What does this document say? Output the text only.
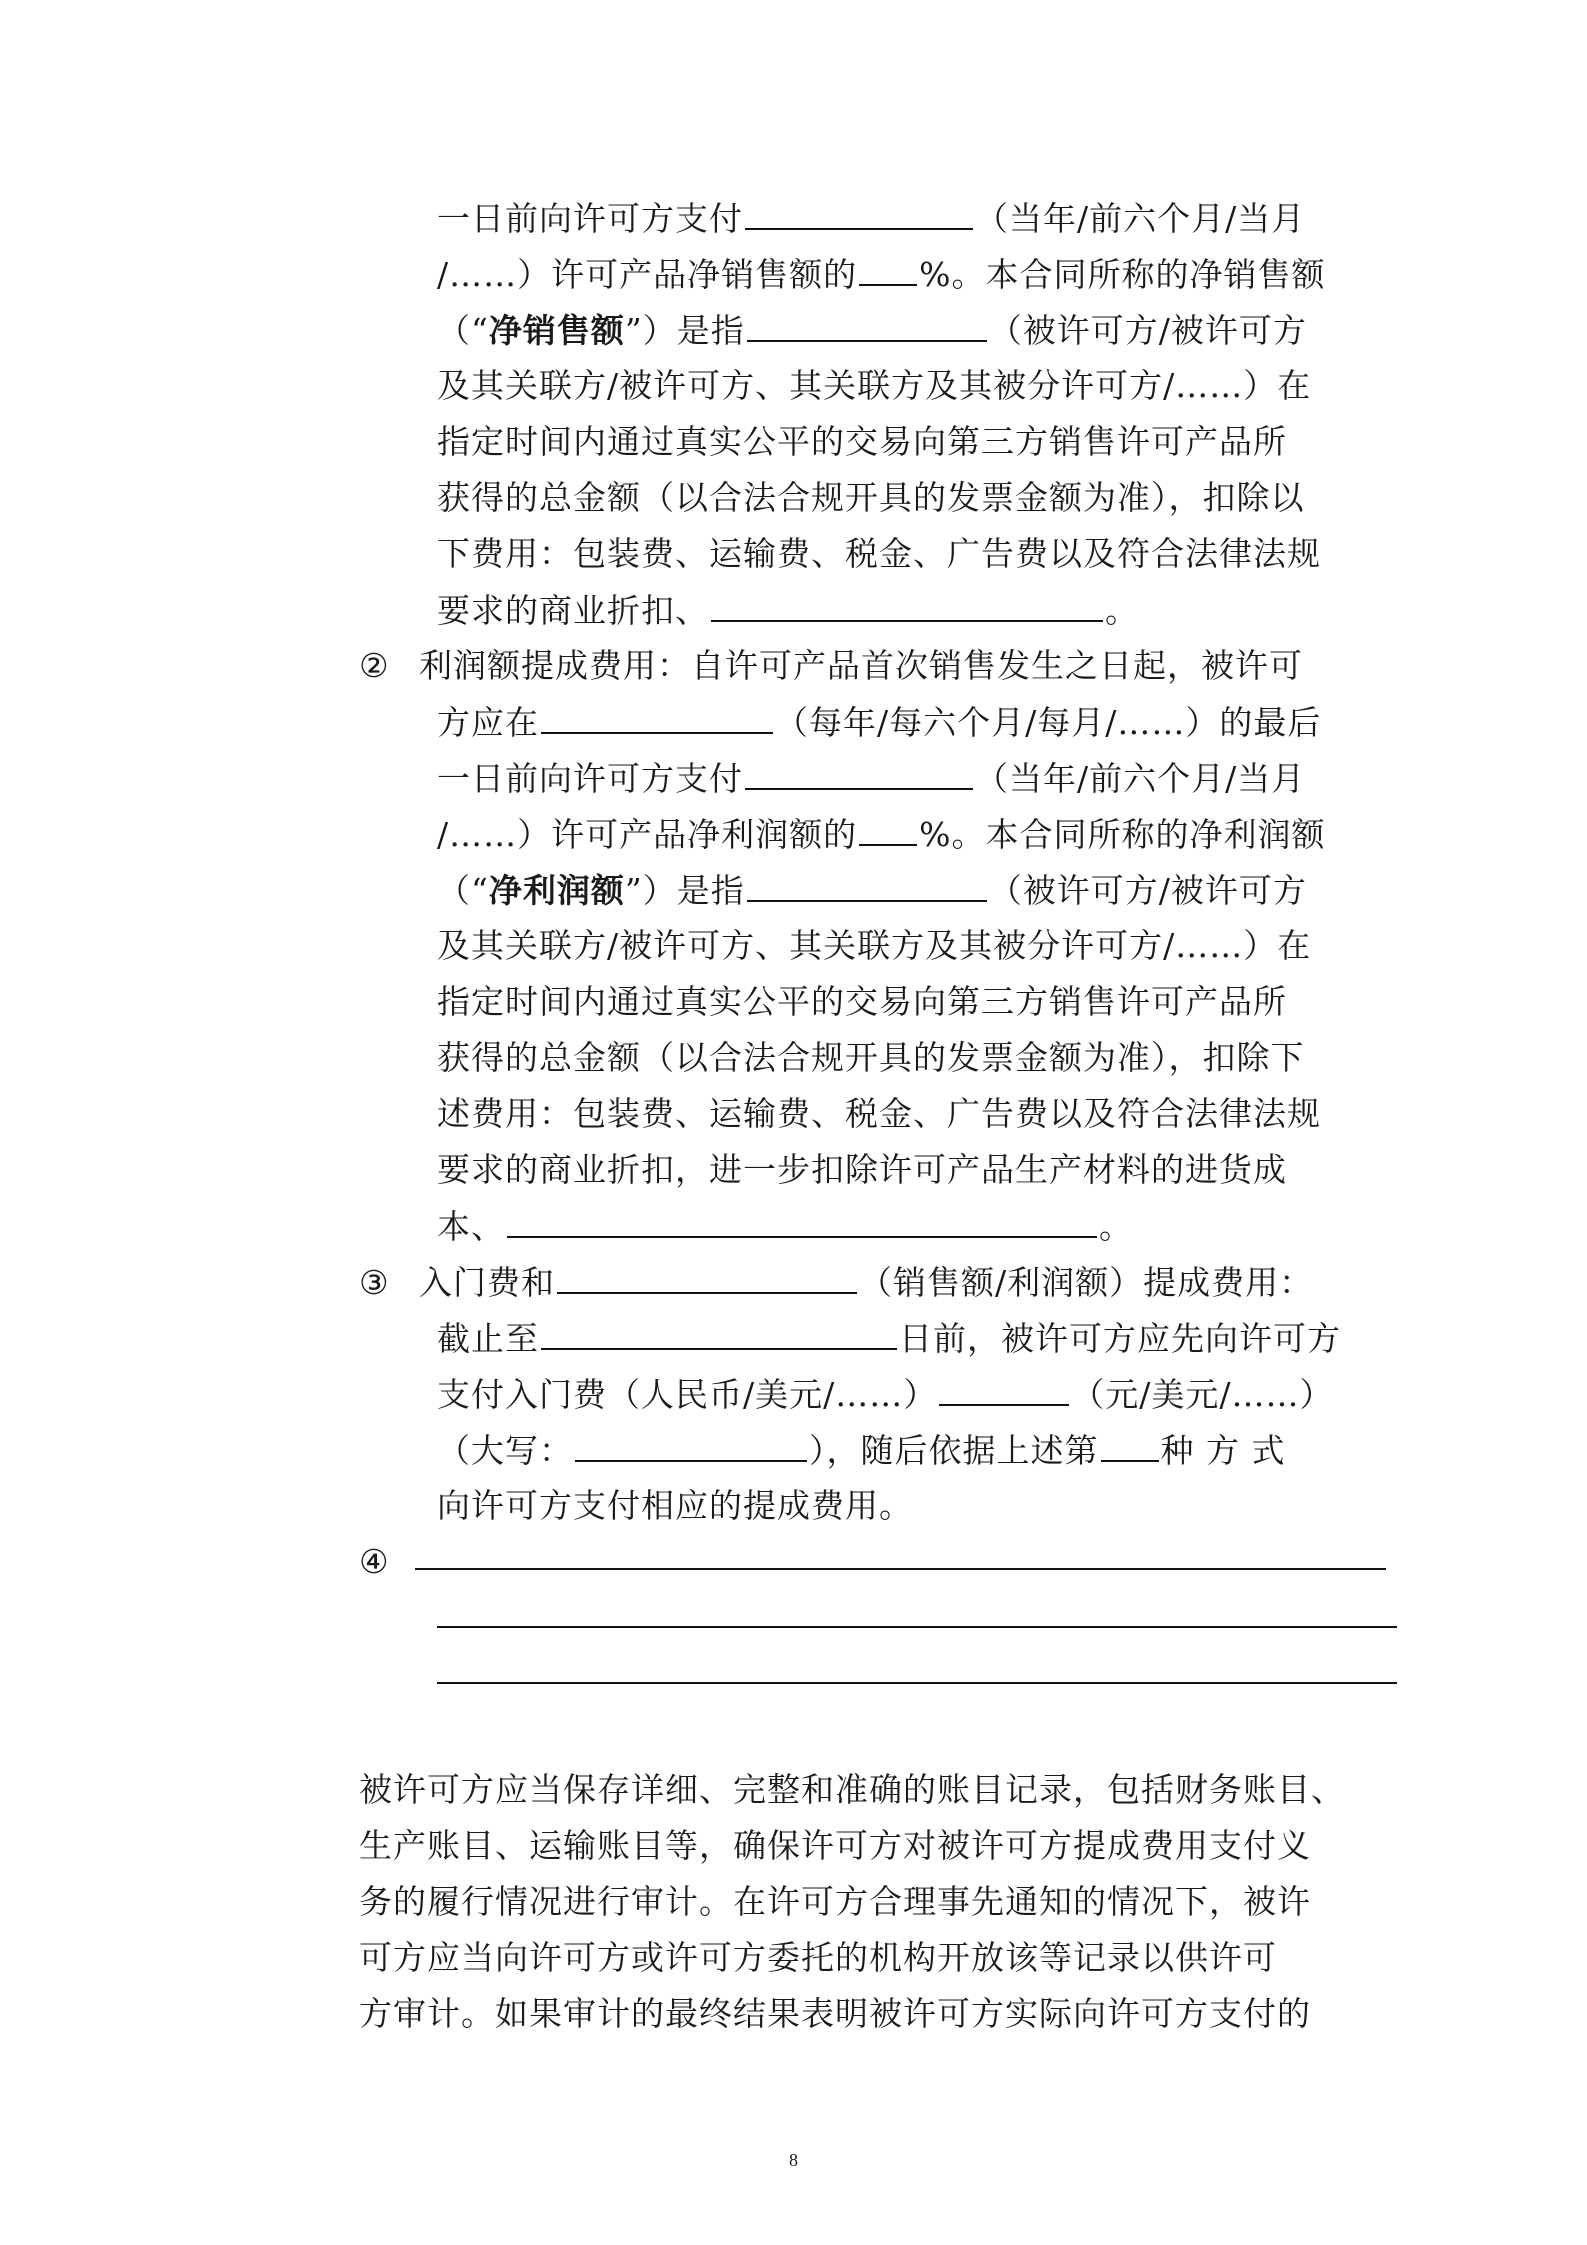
一日前向许可方支付	（当年/前六个月/当月
/……）许可产品净销售额的 %。本合同所称的净销售额
（“净销售额”）是指	（被许可方/被许可方
及其关联方/被许可方、其关联方及其被分许可方/……）在
指定时间内通过真实公平的交易向第三方销售许可产品所
获得的总金额（以合法合规开具的发票金额为准），扣除以
下费用：包装费、运输费、税金、广告费以及符合法律法规
要求的商业折扣、	。
② 利润额提成费用：自许可产品首次销售发生之日起，被许可
方应在	（每年/每六个月/每月/……）的最后
一日前向许可方支付	（当年/前六个月/当月
/……）许可产品净利润额的 %。本合同所称的净利润额
（“净利润额”）是指	（被许可方/被许可方
及其关联方/被许可方、其关联方及其被分许可方/……）在
指定时间内通过真实公平的交易向第三方销售许可产品所
获得的总金额（以合法合规开具的发票金额为准），扣除下
述费用：包装费、运输费、税金、广告费以及符合法律法规
要求的商业折扣，进一步扣除许可产品生产材料的进货成
本、	。
③ 入门费和	（销售额/利润额）提成费用：
截止至	日前，被许可方应先向许可方
支付入门费（人民币/美元/……）	（元/美元/……）
（大写：	），随后依据上述第 种 方 式
向许可方支付相应的提成费用。
④
被许可方应当保存详细、完整和准确的账目记录，包括财务账目、
生产账目、运输账目等，确保许可方对被许可方提成费用支付义
务的履行情况进行审计。在许可方合理事先通知的情况下，被许
可方应当向许可方或许可方委托的机构开放该等记录以供许可
方审计。如果审计的最终结果表明被许可方实际向许可方支付的
8
